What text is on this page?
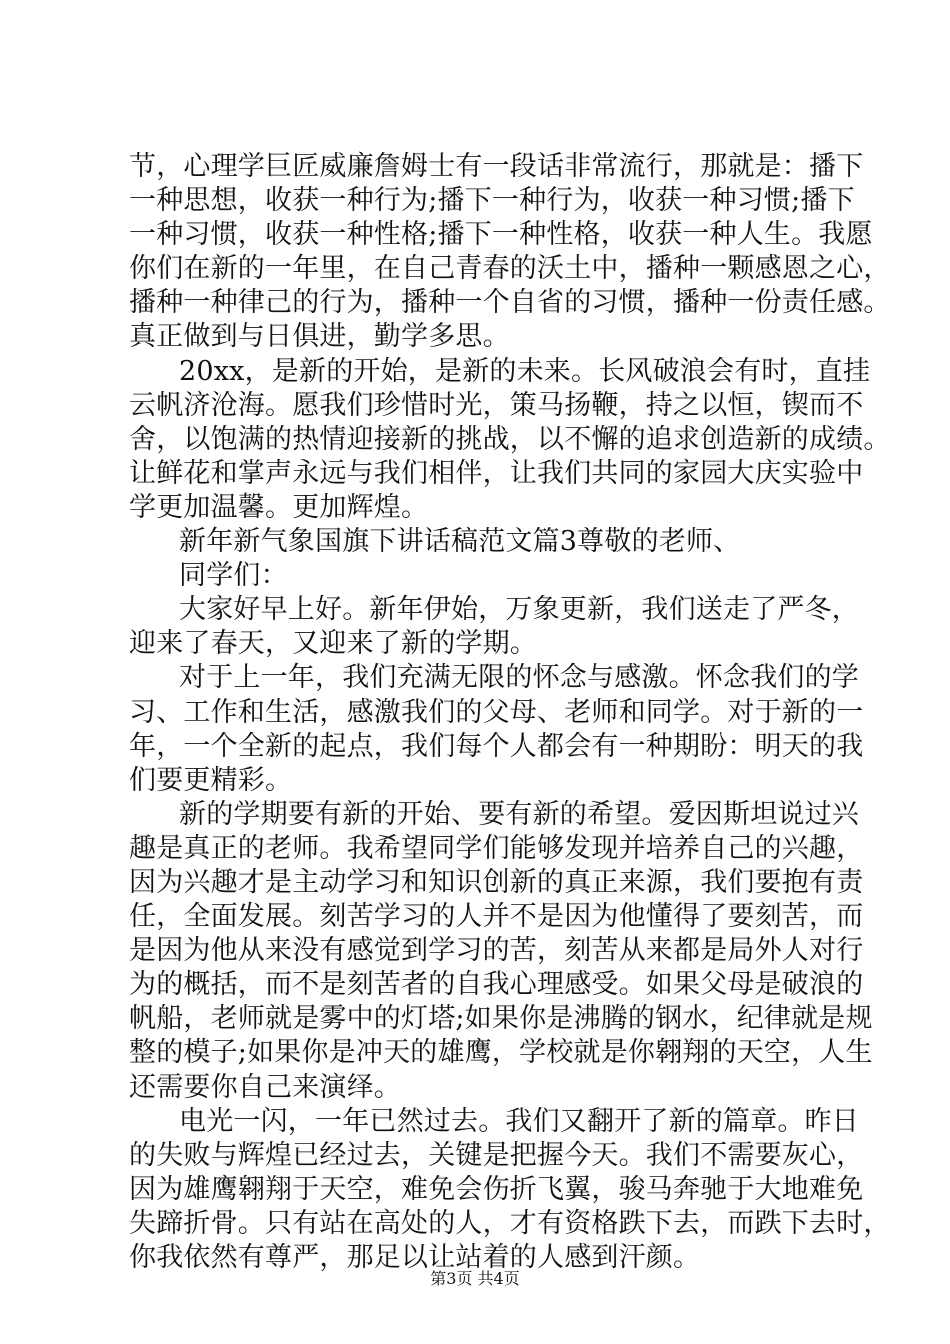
节，心理学巨匠威廉詹姆士有一段话非常流行，那就是：播下
一种思想，收获一种行为;播下一种行为，收获一种习惯;播下
一种习惯，收获一种性格;播下一种性格，收获一种人生。我愿
你们在新的一年里，在自己青春的沃土中，播种一颗感恩之心，
播种一种律己的行为，播种一个自省的习惯，播种一份责任感。
真正做到与日俱进，勤学多思。
20xx，是新的开始，是新的未来。长风破浪会有时，直挂
云帆济沧海。愿我们珍惜时光，策马扬鞭，持之以恒，锲而不
舍，以饱满的热情迎接新的挑战，以不懈的追求创造新的成绩。
让鲜花和掌声永远与我们相伴，让我们共同的家园大庆实验中
学更加温馨。更加辉煌。
新年新气象国旗下讲话稿范文篇3尊敬的老师、
同学们：
大家好早上好。新年伊始，万象更新，我们送走了严冬，
迎来了春天，又迎来了新的学期。
对于上一年，我们充满无限的怀念与感激。怀念我们的学
习、工作和生活，感激我们的父母、老师和同学。对于新的一
年，一个全新的起点，我们每个人都会有一种期盼：明天的我
们要更精彩。
新的学期要有新的开始、要有新的希望。爱因斯坦说过兴
趣是真正的老师。我希望同学们能够发现并培养自己的兴趣，
因为兴趣才是主动学习和知识创新的真正来源，我们要抱有责
任，全面发展。刻苦学习的人并不是因为他懂得了要刻苦，而
是因为他从来没有感觉到学习的苦，刻苦从来都是局外人对行
为的概括，而不是刻苦者的自我心理感受。如果父母是破浪的
帆船，老师就是雾中的灯塔;如果你是沸腾的钢水，纪律就是规
整的模子;如果你是冲天的雄鹰，学校就是你翱翔的天空，人生
还需要你自己来演绎。
电光一闪，一年已然过去。我们又翻开了新的篇章。昨日
的失败与辉煌已经过去，关键是把握今天。我们不需要灰心，
因为雄鹰翱翔于天空，难免会伤折飞翼，骏马奔驰于大地难免
失蹄折骨。只有站在高处的人，才有资格跌下去，而跌下去时，
你我依然有尊严，那足以让站着的人感到汗颜。
第3页 共4页
